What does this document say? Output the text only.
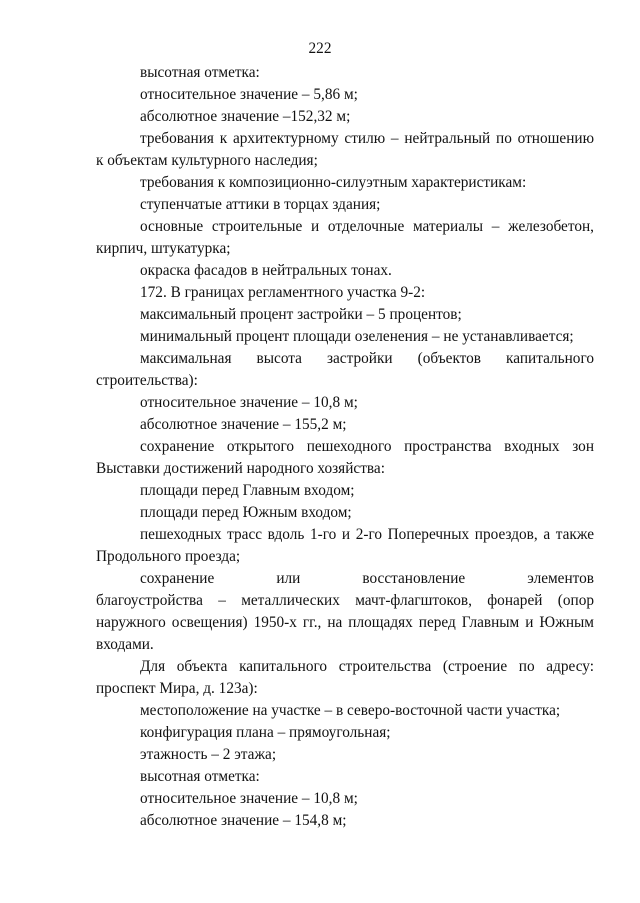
222
высотная отметка:
относительное значение – 5,86 м;
абсолютное значение –152,32 м;
требования к архитектурному стилю – нейтральный по отношению
к объектам культурного наследия;
требования к композиционно-силуэтным характеристикам:
ступенчатые аттики в торцах здания;
основные строительные и отделочные материалы – железобетон,
кирпич, штукатурка;
окраска фасадов в нейтральных тонах.
172. В границах регламентного участка 9-2:
максимальный процент застройки – 5 процентов;
минимальный процент площади озеленения – не устанавливается;
максимальная высота застройки (объектов капитального
строительства):
относительное значение – 10,8 м;
абсолютное значение – 155,2 м;
сохранение открытого пешеходного пространства входных зон
Выставки достижений народного хозяйства:
площади перед Главным входом;
площади перед Южным входом;
пешеходных трасс вдоль 1-го и 2-го Поперечных проездов, а также
Продольного проезда;
сохранение или восстановление элементов
благоустройства – металлических мачт-флагштоков, фонарей (опор
наружного освещения) 1950-х гг., на площадях перед Главным и Южным
входами.
Для объекта капитального строительства (строение по адресу:
проспект Мира, д. 123а):
местоположение на участке – в северо-восточной части участка;
конфигурация плана – прямоугольная;
этажность – 2 этажа;
высотная отметка:
относительное значение – 10,8 м;
абсолютное значение – 154,8 м;
